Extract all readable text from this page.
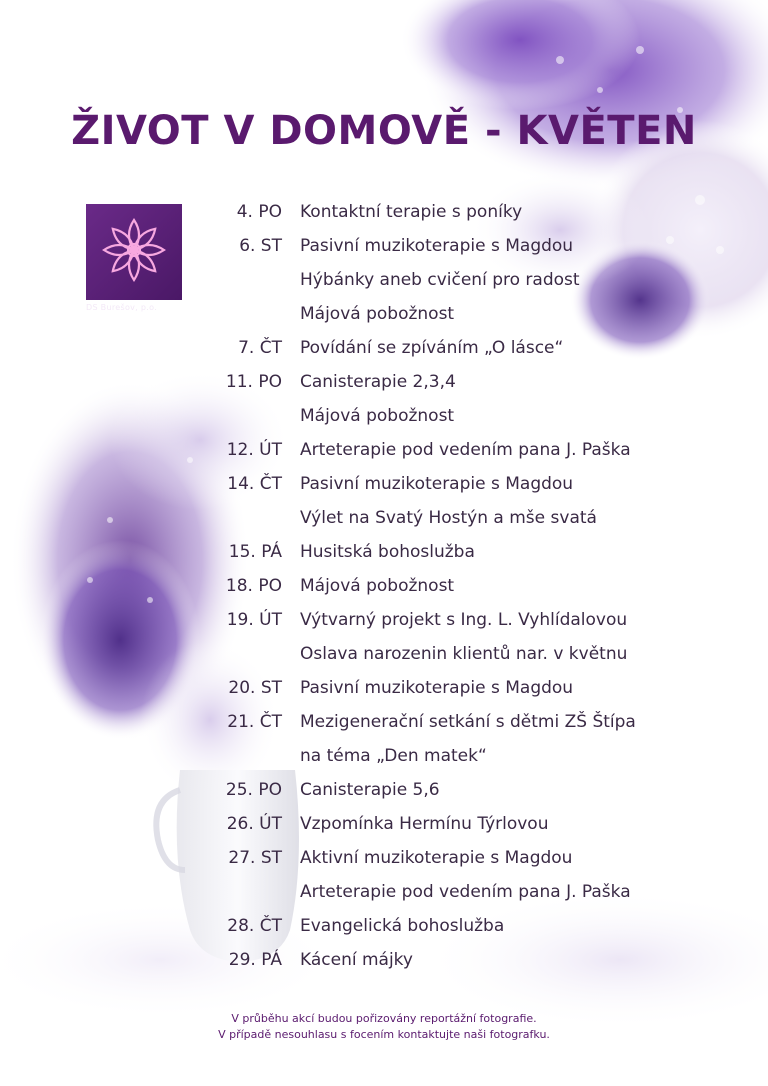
ŽIVOT V DOMOVĚ - KVĚTEN
DS Burešov, p.o.
4. PO Kontaktní terapie s poníky
6. ST Pasivní muzikoterapie s Magdou
Hýbánky aneb cvičení pro radost
Májová pobožnost
7. ČT Povídání se zpíváním „O lásce“
11. PO Canisterapie 2,3,4
Májová pobožnost
12. ÚT Arteterapie pod vedením pana J. Paška
14. ČT Pasivní muzikoterapie s Magdou
Výlet na Svatý Hostýn a mše svatá
15. PÁ Husitská bohoslužba
18. PO Májová pobožnost
19. ÚT Výtvarný projekt s Ing. L. Vyhlídalovou
Oslava narozenin klientů nar. v květnu
20. ST Pasivní muzikoterapie s Magdou
21. ČT Mezigenerační setkání s dětmi ZŠ Štípa
na téma „Den matek“
25. PO Canisterapie 5,6
26. ÚT Vzpomínka Hermínu Týrlovou
27. ST Aktivní muzikoterapie s Magdou
Arteterapie pod vedením pana J. Paška
28. ČT Evangelická bohoslužba
29. PÁ Kácení májky
V průběhu akcí budou pořizovány reportážní fotografie.
V případě nesouhlasu s focením kontaktujte naši fotografku.
